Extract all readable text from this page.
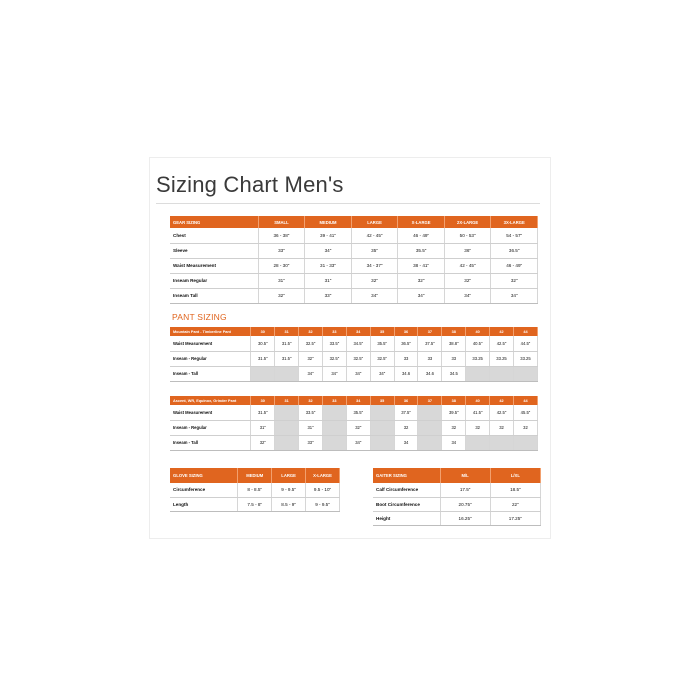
Sizing Chart Men's
GEAR SIZING	SMALL	MEDIUM	LARGE	X-LARGE	2X-LARGE	3X-LARGE
Chest	36 - 38"	39 - 41"	42 - 45"	46 - 49"	50 - 53"	54 - 57"
Sleeve	33"	34"	35"	35.5"	36"	36.5"
Waist Measurement	28 - 30"	31 - 33"	34 - 37"	38 - 41"	42 - 45"	46 - 49"
Inseam Regular	31"	31"	32"	32"	32"	32"
Inseam Tall	32"	33"	34"	34"	34"	34"
PANT SIZING
Mountain Pant - Timberline Pant	30	31	32	33	34	35	36	37	38	40	42	44
Waist Measurement	30.5"	31.5"	32.5"	33.5"	34.5"	35.5"	36.5"	37.5"	38.8"	40.5"	42.5"	44.5"
Inseam - Regular	31.5"	31.5"	32"	32.5"	32.5"	32.5"	33	33	33	33.25	33.25	33.25
Inseam - Tall			34"	34"	34"	34"	34.6	34.6	34.5			
Ascent, WR, Equinox, Grinder Pant	30	31	32	33	34	35	36	37	38	40	42	44
Waist Measurement	31.5"		33.5"		35.5"		37.5"		39.5"	41.5"	42.5"	45.5"
Inseam - Regular	31"		31"		32"		32		32	32	32	32
Inseam - Tall	32"		33"		34"		34		34			
GLOVE SIZING	MEDIUM	LARGE	X-LARGE
Circumference	8 - 8.5"	9 - 9.5"	9.5 - 10"
Length	7.5 - 8"	8.5 - 9"	9 - 9.5"
GAITER SIZING	M/L	L/XL
Calf Circumference	17.5"	18.5"
Boot Circumference	20.75"	22"
Height	16.25"	17.25"
